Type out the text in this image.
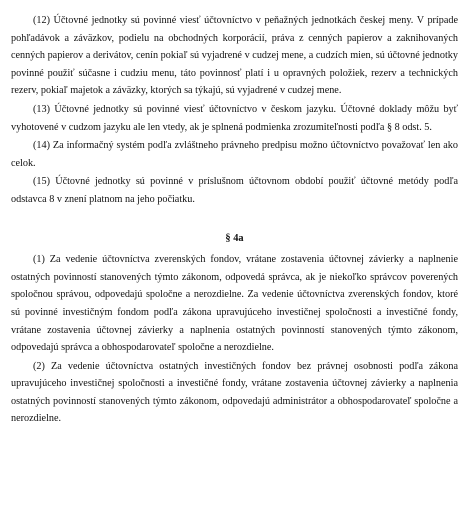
(12) Účtovné jednotky sú povinné viesť účtovníctvo v peňažných jednotkách českej meny. V prípade pohľadávok a záväzkov, podielu na obchodných korporácií, práva z cenných papierov a zaknihovaných cenných papierov a derivátov, cenín pokiaľ sú vyjadrené v cudzej mene, a cudzích mien, sú účtovné jednotky povinné použiť súčasne i cudziu menu, táto povinnosť platí i u opravných položiek, rezerv a technických rezerv, pokiaľ majetok a záväzky, ktorých sa týkajú, sú vyjadrené v cudzej mene.

(13) Účtovné jednotky sú povinné viesť účtovníctvo v českom jazyku. Účtovné doklady môžu byť vyhotovené v cudzom jazyku ale len vtedy, ak je splnená podmienka zrozumiteľnosti podľa § 8 odst. 5.

(14) Za informačný systém podľa zvláštneho právneho predpisu možno účtovníctvo považovať len ako celok.

(15) Účtovné jednotky sú povinné v príslušnom účtovnom období použiť účtovné metódy podľa odstavca 8 v znení platnom na jeho počiatku.

§ 4a

(1) Za vedenie účtovníctva zverenských fondov, vrátane zostavenia účtovnej závierky a naplnenie ostatných povinností stanovených týmto zákonom, odpovedá správca, ak je niekoľko správcov poverených spoločnou správou, odpovedajú spoločne a nerozdielne. Za vedenie účtovníctva zverenských fondov, ktoré sú povinné investičným fondom podľa zákona upravujúceho investičnej spoločnosti a investičné fondy, vrátane zostavenia účtovnej závierky a naplnenia ostatných povinností stanovených týmto zákonom, odpovedajú správca a obhospodarovateľ spoločne a nerozdielne.

(2) Za vedenie účtovníctva ostatných investičných fondov bez právnej osobnosti podľa zákona upravujúceho investičnej spoločnosti a investičné fondy, vrátane zostavenia účtovnej závierky a naplnenia ostatných povinností stanovených týmto zákonom, odpovedajú administrátor a obhospodarovateľ spoločne a nerozdielne.
